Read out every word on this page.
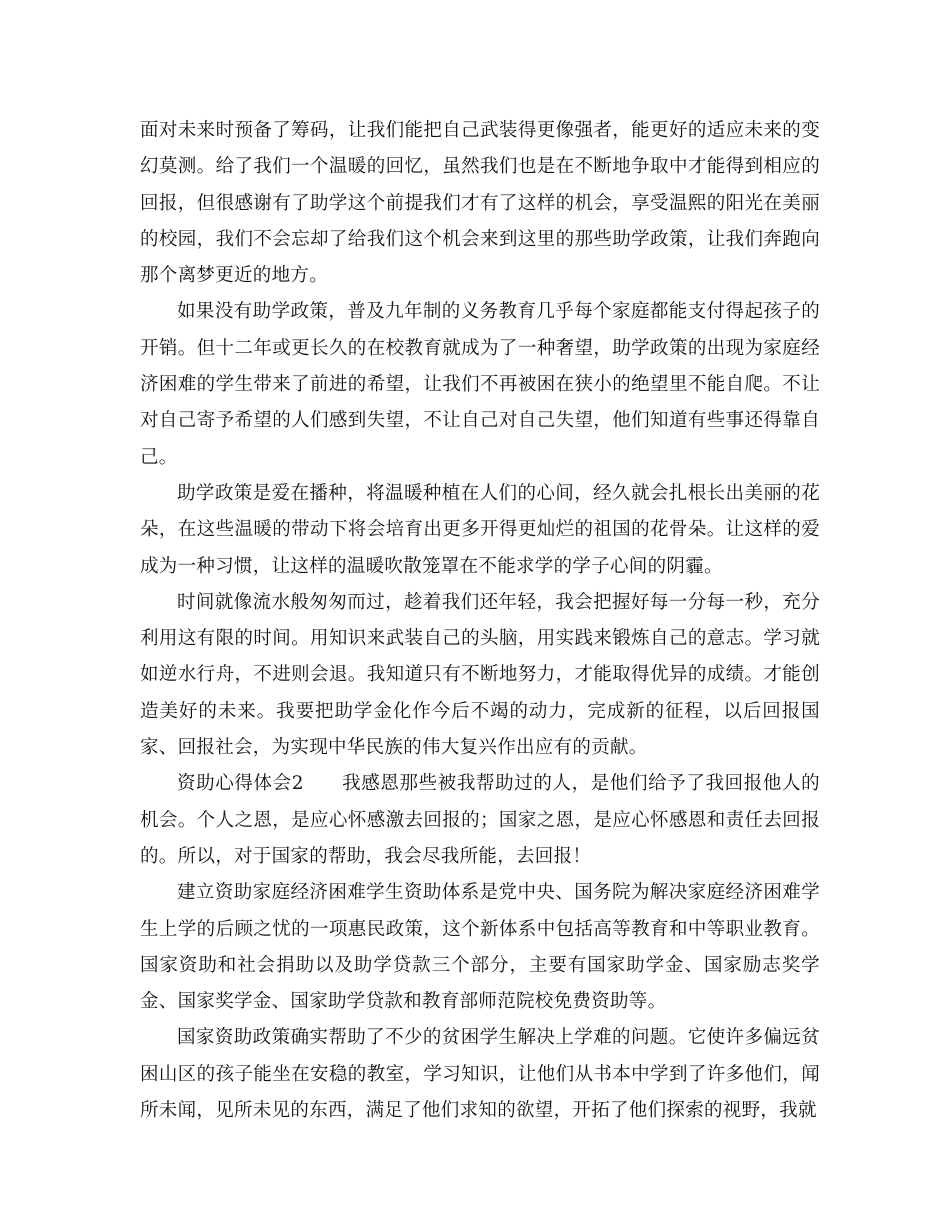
面对未来时预备了筹码，让我们能把自己武装得更像强者，能更好的适应未来的变幻莫测。给了我们一个温暖的回忆，虽然我们也是在不断地争取中才能得到相应的回报，但很感谢有了助学这个前提我们才有了这样的机会，享受温熙的阳光在美丽的校园，我们不会忘却了给我们这个机会来到这里的那些助学政策，让我们奔跑向那个离梦更近的地方。

如果没有助学政策，普及九年制的义务教育几乎每个家庭都能支付得起孩子的开销。但十二年或更长久的在校教育就成为了一种奢望，助学政策的出现为家庭经济困难的学生带来了前进的希望，让我们不再被困在狭小的绝望里不能自爬。不让对自己寄予希望的人们感到失望，不让自己对自己失望，他们知道有些事还得靠自己。

助学政策是爱在播种，将温暖种植在人们的心间，经久就会扎根长出美丽的花朵，在这些温暖的带动下将会培育出更多开得更灿烂的祖国的花骨朵。让这样的爱成为一种习惯，让这样的温暖吹散笼罩在不能求学的学子心间的阴霾。

时间就像流水般匆匆而过，趁着我们还年轻，我会把握好每一分每一秒，充分利用这有限的时间。用知识来武装自己的头脑，用实践来锻炼自己的意志。学习就如逆水行舟，不进则会退。我知道只有不断地努力，才能取得优异的成绩。才能创造美好的未来。我要把助学金化作今后不竭的动力，完成新的征程，以后回报国家、回报社会，为实现中华民族的伟大复兴作出应有的贡献。

资助心得体会2 我感恩那些被我帮助过的人，是他们给予了我回报他人的机会。个人之恩，是应心怀感激去回报的；国家之恩，是应心怀感恩和责任去回报的。所以，对于国家的帮助，我会尽我所能，去回报！

建立资助家庭经济困难学生资助体系是党中央、国务院为解决家庭经济困难学生上学的后顾之忧的一项惠民政策，这个新体系中包括高等教育和中等职业教育。国家资助和社会捐助以及助学贷款三个部分，主要有国家助学金、国家励志奖学金、国家奖学金、国家助学贷款和教育部师范院校免费资助等。

国家资助政策确实帮助了不少的贫困学生解决上学难的问题。它使许多偏远贫困山区的孩子能坐在安稳的教室，学习知识，让他们从书本中学到了许多他们，闻所未闻，见所未见的东西，满足了他们求知的欲望，开拓了他们探索的视野，我就
